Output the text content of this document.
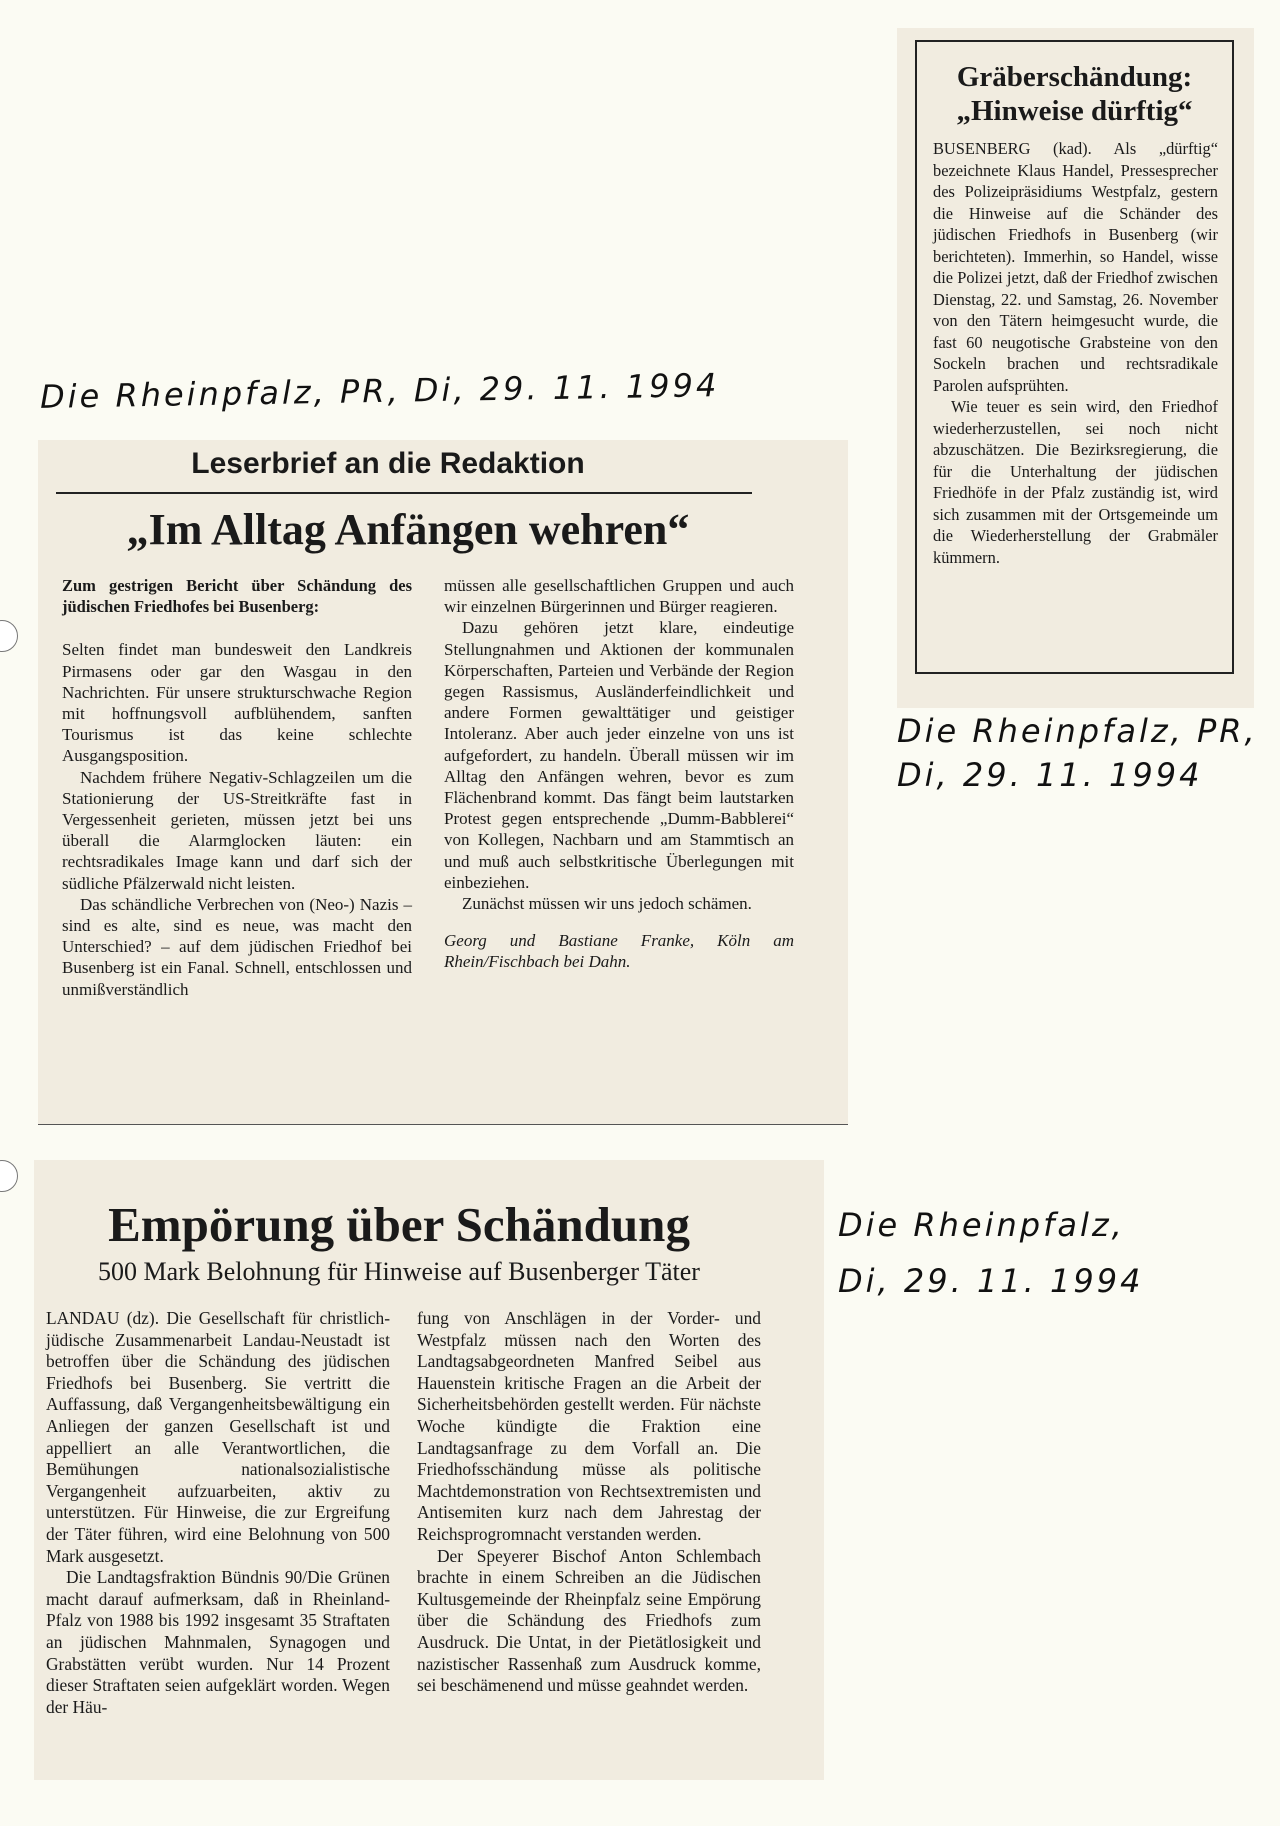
Die Rheinpfalz, PR, Di, 29. 11. 1994
Die Rheinpfalz, PR,
Di, 29. 11. 1994
Die Rheinpfalz,
Di, 29. 11. 1994
Gräberschändung:
„Hinweise dürftig“

BUSENBERG (kad). Als „dürftig“ bezeichnete Klaus Handel, Pressesprecher des Polizeipräsidiums Westpfalz, gestern die Hinweise auf die Schänder des jüdischen Friedhofs in Busenberg (wir berichteten). Immerhin, so Handel, wisse die Polizei jetzt, daß der Friedhof zwischen Dienstag, 22. und Samstag, 26. November von den Tätern heimgesucht wurde, die fast 60 neugotische Grabsteine von den Sockeln brachen und rechtsradikale Parolen aufsprühten.

Wie teuer es sein wird, den Friedhof wiederherzustellen, sei noch nicht abzuschätzen. Die Bezirksregierung, die für die Unterhaltung der jüdischen Friedhöfe in der Pfalz zuständig ist, wird sich zusammen mit der Ortsgemeinde um die Wiederherstellung der Grabmäler kümmern.

Leserbrief an die Redaktion
„Im Alltag Anfängen wehren“

Zum gestrigen Bericht über Schändung des jüdischen Friedhofes bei Busenberg:

Selten findet man bundesweit den Landkreis Pirmasens oder gar den Wasgau in den Nachrichten. Für unsere strukturschwache Region mit hoffnungsvoll aufblühendem, sanften Tourismus ist das keine schlechte Ausgangsposition.

Nachdem frühere Negativ-Schlagzeilen um die Stationierung der US-Streitkräfte fast in Vergessenheit gerieten, müssen jetzt bei uns überall die Alarmglocken läuten: ein rechtsradikales Image kann und darf sich der südliche Pfälzerwald nicht leisten.

Das schändliche Verbrechen von (Neo-) Nazis – sind es alte, sind es neue, was macht den Unterschied? – auf dem jüdischen Friedhof bei Busenberg ist ein Fanal. Schnell, entschlossen und unmißverständlich

müssen alle gesellschaftlichen Gruppen und auch wir einzelnen Bürgerinnen und Bürger reagieren.

Dazu gehören jetzt klare, eindeutige Stellungnahmen und Aktionen der kommunalen Körperschaften, Parteien und Verbände der Region gegen Rassismus, Ausländerfeindlichkeit und andere Formen gewalttätiger und geistiger Intoleranz. Aber auch jeder einzelne von uns ist aufgefordert, zu handeln. Überall müssen wir im Alltag den Anfängen wehren, bevor es zum Flächenbrand kommt. Das fängt beim lautstarken Protest gegen entsprechende „Dumm-Babblerei“ von Kollegen, Nachbarn und am Stammtisch an und muß auch selbstkritische Überlegungen mit einbeziehen.

Zunächst müssen wir uns jedoch schämen.

Georg und Bastiane Franke, Köln am Rhein/Fischbach bei Dahn.

Empörung über Schändung
500 Mark Belohnung für Hinweise auf Busenberger Täter

LANDAU (dz). Die Gesellschaft für christlich-jüdische Zusammenarbeit Landau-Neustadt ist betroffen über die Schändung des jüdischen Friedhofs bei Busenberg. Sie vertritt die Auffassung, daß Vergangenheitsbewältigung ein Anliegen der ganzen Gesellschaft ist und appelliert an alle Verantwortlichen, die Bemühungen nationalsozialistische Vergangenheit aufzuarbeiten, aktiv zu unterstützen. Für Hinweise, die zur Ergreifung der Täter führen, wird eine Belohnung von 500 Mark ausgesetzt.

Die Landtagsfraktion Bündnis 90/Die Grünen macht darauf aufmerksam, daß in Rheinland-Pfalz von 1988 bis 1992 insgesamt 35 Straftaten an jüdischen Mahnmalen, Synagogen und Grabstätten verübt wurden. Nur 14 Prozent dieser Straftaten seien aufgeklärt worden. Wegen der Häu-

fung von Anschlägen in der Vorder- und Westpfalz müssen nach den Worten des Landtagsabgeordneten Manfred Seibel aus Hauenstein kritische Fragen an die Arbeit der Sicherheitsbehörden gestellt werden. Für nächste Woche kündigte die Fraktion eine Landtagsanfrage zu dem Vorfall an. Die Friedhofsschändung müsse als politische Machtdemonstration von Rechtsextremisten und Antisemiten kurz nach dem Jahrestag der Reichsprogromnacht verstanden werden.

Der Speyerer Bischof Anton Schlembach brachte in einem Schreiben an die Jüdischen Kultusgemeinde der Rheinpfalz seine Empörung über die Schändung des Friedhofs zum Ausdruck. Die Untat, in der Pietätlosigkeit und nazistischer Rassenhaß zum Ausdruck komme, sei beschämenend und müsse geahndet werden.
